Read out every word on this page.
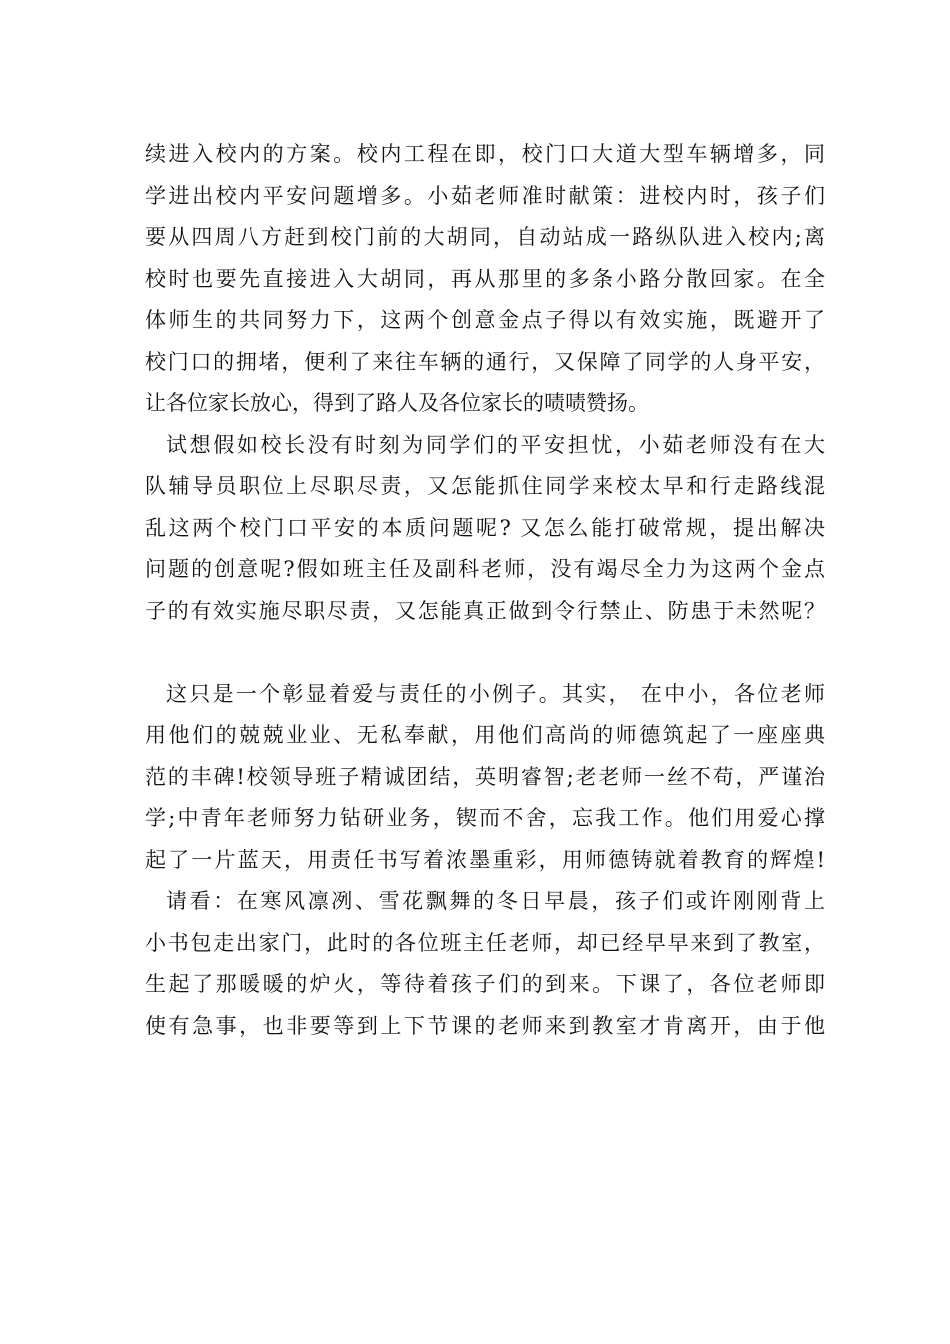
续进入校内的方案。校内工程在即，校门口大道大型车辆增多，同
学进出校内平安问题增多。小茹老师准时献策：进校内时，孩子们
要从四周八方赶到校门前的大胡同，自动站成一路纵队进入校内;离
校时也要先直接进入大胡同，再从那里的多条小路分散回家。在全
体师生的共同努力下，这两个创意金点子得以有效实施，既避开了
校门口的拥堵，便利了来往车辆的通行，又保障了同学的人身平安，
让各位家长放心，得到了路人及各位家长的啧啧赞扬。
试想假如校长没有时刻为同学们的平安担忧，小茹老师没有在大
队辅导员职位上尽职尽责，又怎能抓住同学来校太早和行走路线混
乱这两个校门口平安的本质问题呢? 又怎么能打破常规，提出解决
问题的创意呢?假如班主任及副科老师，没有竭尽全力为这两个金点
子的有效实施尽职尽责，又怎能真正做到令行禁止、防患于未然呢？
这只是一个彰显着爱与责任的小例子。其实， 在中小，各位老师
用他们的兢兢业业、无私奉献，用他们高尚的师德筑起了一座座典
范的丰碑!校领导班子精诚团结，英明睿智;老老师一丝不苟，严谨治
学;中青年老师努力钻研业务，锲而不舍，忘我工作。他们用爱心撑
起了一片蓝天，用责任书写着浓墨重彩，用师德铸就着教育的辉煌!
请看：在寒风凛冽、雪花飘舞的冬日早晨，孩子们或许刚刚背上
小书包走出家门，此时的各位班主任老师，却已经早早来到了教室，
生起了那暖暖的炉火，等待着孩子们的到来。下课了，各位老师即
使有急事，也非要等到上下节课的老师来到教室才肯离开，由于他
